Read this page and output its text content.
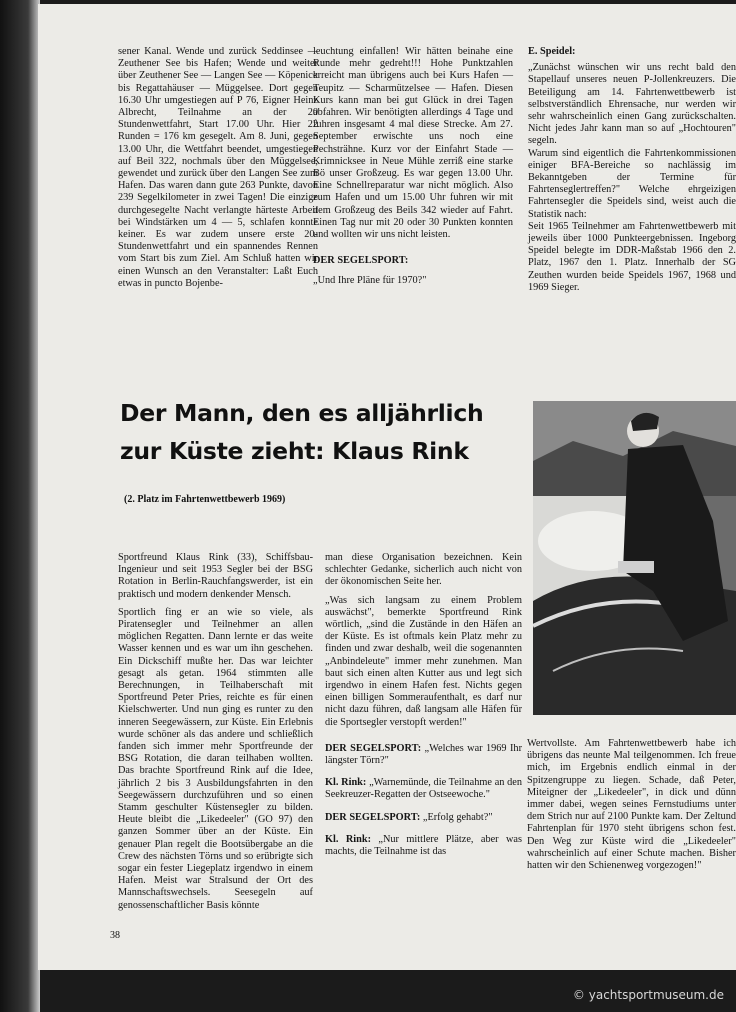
sener Kanal. Wende und zurück Seddinsee — Zeuthener See bis Hafen; Wende und weiter über Zeuthener See — Langen See — Köpenick bis Regattahäuser — Müggelsee. Dort gegen 16.30 Uhr umgestiegen auf P 76, Eigner Heinz Albrecht, Teilnahme an der 20 Stundenwettfahrt, Start 17.00 Uhr. Hier 22 Runden = 176 km gesegelt. Am 8. Juni, gegen 13.00 Uhr, die Wettfahrt beendet, umgestiegen auf Beil 322, nochmals über den Müggelsee, gewendet und zurück über den Langen See zum Hafen. Das waren dann gute 263 Punkte, davon 239 Segelkilometer in zwei Tagen! Die einzige durchgesegelte Nacht verlangte härteste Arbeit bei Windstärken um 4 — 5, schlafen konnte keiner. Es war zudem unsere erste 20-Stundenwettfahrt und ein spannendes Rennen vom Start bis zum Ziel. Am Schluß hatten wir einen Wunsch an den Veranstalter: Laßt Euch etwas in puncto Bojenbe-

leuchtung einfallen! Wir hätten beinahe eine Runde mehr gedreht!!! Hohe Punktzahlen erreicht man übrigens auch bei Kurs Hafen — Teupitz — Scharmützelsee — Hafen. Diesen Kurs kann man bei gut Glück in drei Tagen abfahren. Wir benötigten allerdings 4 Tage und fuhren insgesamt 4 mal diese Strecke. Am 27. September erwischte uns noch eine Pechsträhne. Kurz vor der Einfahrt Stade — Krimnicksee in Neue Mühle zerriß eine starke Bö unser Großzeug. Es war gegen 13.00 Uhr. Eine Schnellreparatur war nicht möglich. Also zum Hafen und um 15.00 Uhr fuhren wir mit dem Großzeug des Beils 342 wieder auf Fahrt. Einen Tag nur mit 20 oder 30 Punkten konnten und wollten wir uns nicht leisten.

DER SEGELSPORT:

„Und Ihre Pläne für 1970?"

E. Speidel:

„Zunächst wünschen wir uns recht bald den Stapellauf unseres neuen P-Jollenkreuzers. Die Beteiligung am 14. Fahrtenwettbewerb ist selbstverständlich Ehrensache, nur werden wir sehr wahrscheinlich einen Gang zurückschalten. Nicht jedes Jahr kann man so auf „Hochtouren" segeln.

Warum sind eigentlich die Fahrtenkommissionen einiger BFA-Bereiche so nachlässig im Bekanntgeben der Termine für Fahrtenseglertreffen?" Welche ehrgeizigen Fahrtensegler die Speidels sind, weist auch die Statistik nach:

Seit 1965 Teilnehmer am Fahrtenwettbewerb mit jeweils über 1000 Punkteergebnissen. Ingeborg Speidel belegte im DDR-Maßstab 1966 den 2. Platz, 1967 den 1. Platz. Innerhalb der SG Zeuthen wurden beide Speidels 1967, 1968 und 1969 Sieger.

Der Mann, den es alljährlich
zur Küste zieht: Klaus Rink
(2. Platz im Fahrtenwettbewerb 1969)

Sportfreund Klaus Rink (33), Schiffsbau-Ingenieur und seit 1953 Segler bei der BSG Rotation in Berlin-Rauchfangswerder, ist ein praktisch und modern denkender Mensch.

Sportlich fing er an wie so viele, als Piratensegler und Teilnehmer an allen möglichen Regatten. Dann lernte er das weite Wasser kennen und es war um ihn geschehen. Ein Dickschiff mußte her. Das war leichter gesagt als getan. 1964 stimmten alle Berechnungen, in Teilhaberschaft mit Sportfreund Peter Pries, reichte es für einen Kielschwerter. Und nun ging es runter zu den inneren Seegewässern, zur Küste. Ein Erlebnis wurde schöner als das andere und schließlich fanden sich immer mehr Sportfreunde der BSG Rotation, die daran teilhaben wollten. Das brachte Sportfreund Rink auf die Idee, jährlich 2 bis 3 Ausbildungsfahrten in den Seegewässern durchzuführen und so einen Stamm geschulter Küstensegler zu bilden. Heute bleibt die „Likedeeler" (GO 97) den ganzen Sommer über an der Küste. Ein genauer Plan regelt die Bootsübergabe an die Crew des nächsten Törns und so erübrigte sich sogar ein fester Liegeplatz irgendwo in einem Hafen. Meist war Stralsund der Ort des Mannschaftswechsels. Seesegeln auf genossenschaftlicher Basis könnte

man diese Organisation bezeichnen. Kein schlechter Gedanke, sicherlich auch nicht von der ökonomischen Seite her.

„Was sich langsam zu einem Problem auswächst", bemerkte Sportfreund Rink wörtlich, „sind die Zustände in den Häfen an der Küste. Es ist oftmals kein Platz mehr zu finden und zwar deshalb, weil die sogenannten „Anbindeleute" immer mehr zunehmen. Man baut sich einen alten Kutter aus und legt sich irgendwo in einem Hafen fest. Nichts gegen einen billigen Sommeraufenthalt, es darf nur nicht dazu führen, daß langsam alle Häfen für die Sportsegler verstopft werden!"

DER SEGELSPORT: „Welches war 1969 Ihr längster Törn?"

Kl. Rink: „Warnemünde, die Teilnahme an den Seekreuzer-Regatten der Ostseewoche."

DER SEGELSPORT: „Erfolg gehabt?"

Kl. Rink: „Nur mittlere Plätze, aber was machts, die Teilnahme ist das

Wertvollste. Am Fahrtenwettbewerb habe ich übrigens das neunte Mal teilgenommen. Ich freue mich, im Ergebnis endlich einmal in der Spitzengruppe zu liegen. Schade, daß Peter, Miteigner der „Likedeeler", in dick und dünn immer dabei, wegen seines Fernstudiums unter dem Strich nur auf 2100 Punkte kam. Der Zeltund Fahrtenplan für 1970 steht übrigens schon fest. Den Weg zur Küste wird die „Likedeeler" wahrscheinlich auf einer Schute machen. Bisher hatten wir den Schienenweg vorgezogen!"

38
© yachtsportmuseum.de
